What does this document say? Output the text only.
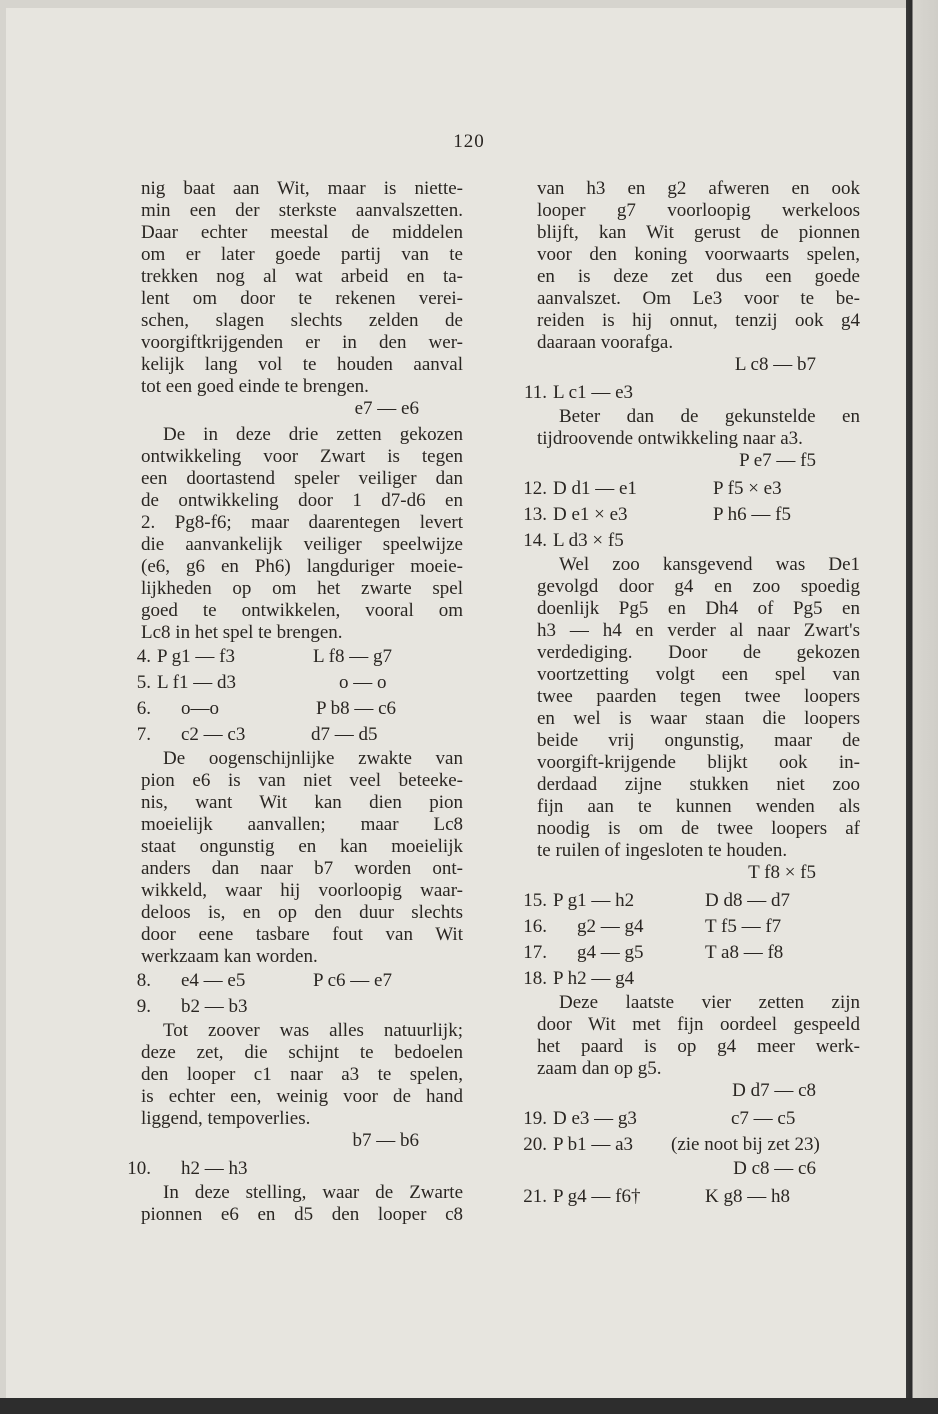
120
nig baat aan Wit, maar is niette-
min een der sterkste aanvalszetten.
Daar echter meestal de middelen
om er later goede partij van te
trekken nog al wat arbeid en ta-
lent om door te rekenen verei-
schen, slagen slechts zelden de
voorgiftkrijgenden er in den wer-
kelijk lang vol te houden aanval
tot een goed einde te brengen.
e7 — e6
De in deze drie zetten gekozen
ontwikkeling voor Zwart is tegen
een doortastend speler veiliger dan
de ontwikkeling door 1 d7-d6 en
2. Pg8-f6; maar daarentegen levert
die aanvankelijk veiliger speelwijze
(e6, g6 en Ph6) langduriger moeie-
lijkheden op om het zwarte spel
goed te ontwikkelen, vooral om
Lc8 in het spel te brengen.
4. P g1 — f3	L f8 — g7
5. L f1 — d3	o — o
6. o—o	P b8 — c6
7. c2 — c3	d7 — d5
De oogenschijnlijke zwakte van
pion e6 is van niet veel beteeke-
nis, want Wit kan dien pion
moeielijk aanvallen; maar Lc8
staat ongunstig en kan moeielijk
anders dan naar b7 worden ont-
wikkeld, waar hij voorloopig waar-
deloos is, en op den duur slechts
door eene tasbare fout van Wit
werkzaam kan worden.
8. e4 — e5	P c6 — e7
9. b2 — b3
Tot zoover was alles natuurlijk;
deze zet, die schijnt te bedoelen
den looper c1 naar a3 te spelen,
is echter een, weinig voor de hand
liggend, tempoverlies.
b7 — b6
10. h2 — h3
In deze stelling, waar de Zwarte
pionnen e6 en d5 den looper c8
van h3 en g2 afweren en ook
looper g7 voorloopig werkeloos
blijft, kan Wit gerust de pionnen
voor den koning voorwaarts spelen,
en is deze zet dus een goede
aanvalszet. Om Le3 voor te be-
reiden is hij onnut, tenzij ook g4
daaraan voorafga.
L c8 — b7
11. L c1 — e3
Beter dan de gekunstelde en
tijdroovende ontwikkeling naar a3.
P e7 — f5
12. D d1 — e1	P f5 × e3
13. D e1 × e3	P h6 — f5
14. L d3 × f5
Wel zoo kansgevend was De1
gevolgd door g4 en zoo spoedig
doenlijk Pg5 en Dh4 of Pg5 en
h3 — h4 en verder al naar Zwart's
verdediging. Door de gekozen
voortzetting volgt een spel van
twee paarden tegen twee loopers
en wel is waar staan die loopers
beide vrij ongunstig, maar de
voorgift-krijgende blijkt ook in-
derdaad zijne stukken niet zoo
fijn aan te kunnen wenden als
noodig is om de twee loopers af
te ruilen of ingesloten te houden.
T f8 × f5
15. P g1 — h2	D d8 — d7
16. g2 — g4	T f5 — f7
17. g4 — g5	T a8 — f8
18. P h2 — g4
Deze laatste vier zetten zijn
door Wit met fijn oordeel gespeeld
het paard is op g4 meer werk-
zaam dan op g5.
D d7 — c8
19. D e3 — g3	c7 — c5
20. P b1 — a3 (zie noot bij zet 23)
D c8 — c6
21. P g4 — f6†	K g8 — h8
